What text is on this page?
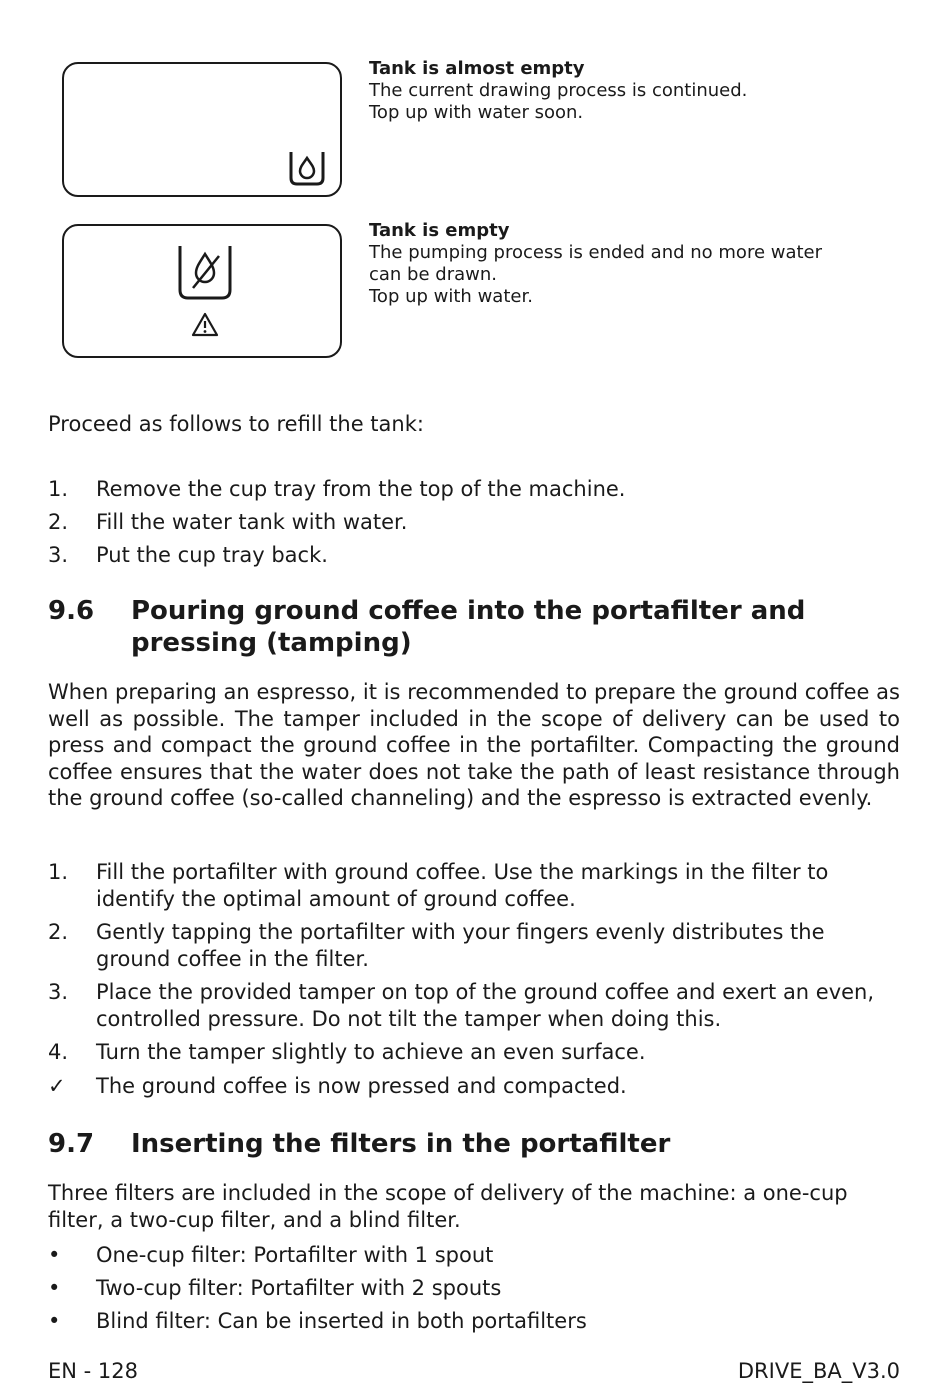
Tank is almost empty
The current drawing process is continued.
Top up with water soon.
Tank is empty
The pumping process is ended and no more water
can be drawn.
Top up with water.
Proceed as follows to refill the tank:
1. Remove the cup tray from the top of the machine.
2. Fill the water tank with water.
3. Put the cup tray back.
9.6	Pouring ground coffee into the portafilter and pressing (tamping)
When preparing an espresso, it is recommended to prepare the ground coffee as well as possible. The tamper included in the scope of delivery can be used to press and compact the ground coffee in the portafilter. Compacting the ground coffee ensures that the water does not take the path of least resistance through the ground coffee (so-called channeling) and the espresso is extracted evenly.
1. Fill the portafilter with ground coffee. Use the markings in the filter to identify the optimal amount of ground coffee.
2. Gently tapping the portafilter with your fingers evenly distributes the ground coffee in the filter.
3. Place the provided tamper on top of the ground coffee and exert an even, controlled pressure. Do not tilt the tamper when doing this.
4. Turn the tamper slightly to achieve an even surface.
✓ The ground coffee is now pressed and compacted.
9.7	Inserting the filters in the portafilter
Three filters are included in the scope of delivery of the machine: a one-cup filter, a two-cup filter, and a blind filter.
• One-cup filter: Portafilter with 1 spout
• Two-cup filter: Portafilter with 2 spouts
• Blind filter: Can be inserted in both portafilters
EN - 128	DRIVE_BA_V3.0
